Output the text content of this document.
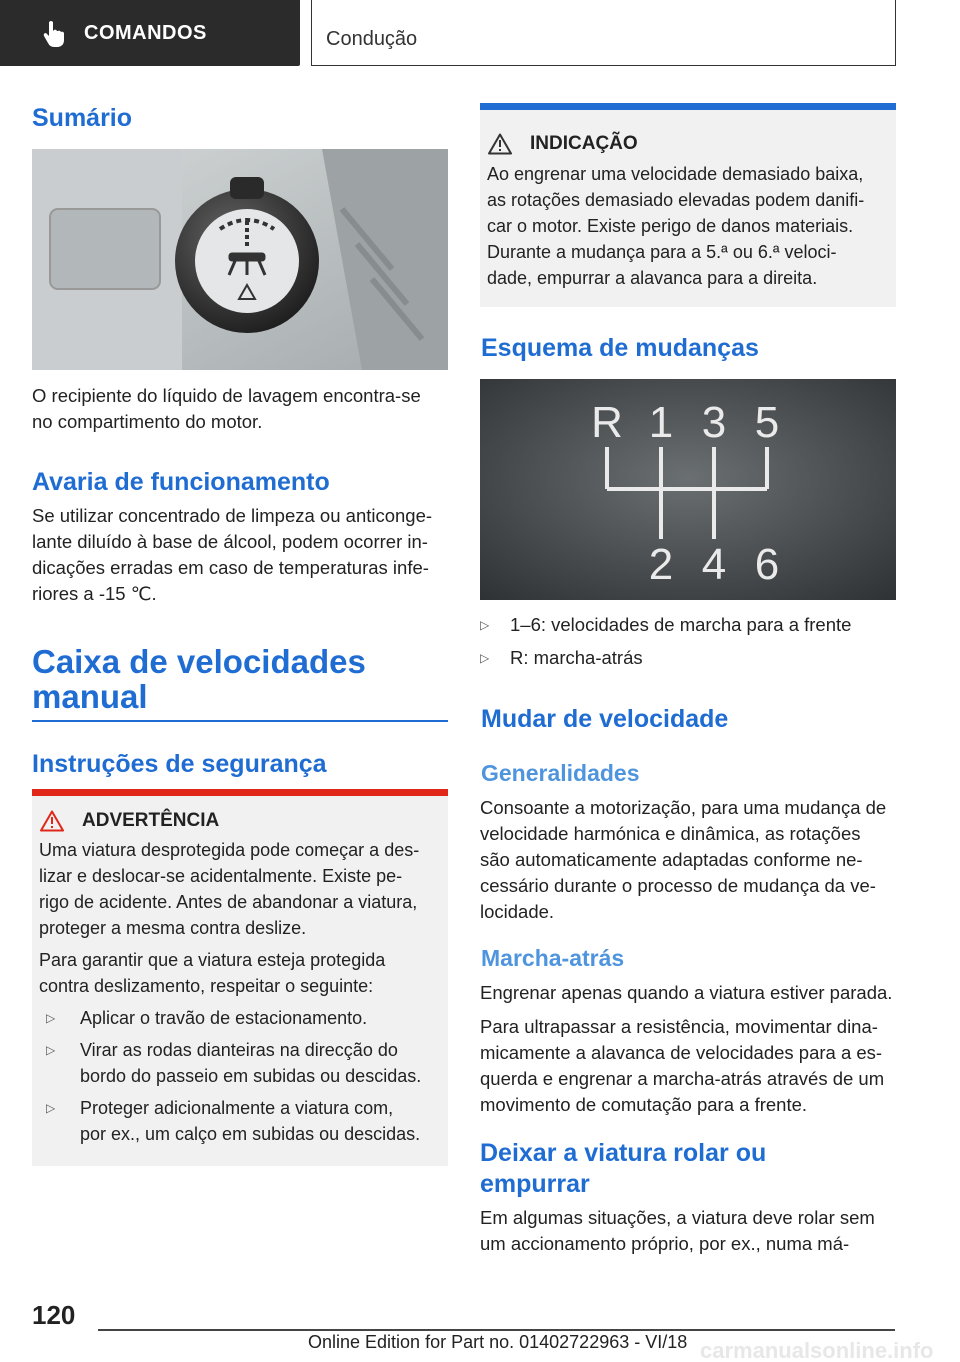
COMANDOS	Condução
Sumário

O recipiente do líquido de lavagem encontra-se

no compartimento do motor.

Avaria de funcionamento

Se utilizar concentrado de limpeza ou anticonge-

lante diluído à base de álcool, podem ocorrer in-

dicações erradas em caso de temperaturas infe-

riores a -15 ℃.

Caixa de velocidades
manual
Instruções de segurança
ADVERTÊNCIA

Uma viatura desprotegida pode começar a des-

lizar e deslocar-se acidentalmente. Existe pe-

rigo de acidente. Antes de abandonar a viatura,

proteger a mesma contra deslize.

Para garantir que a viatura esteja protegida

contra deslizamento, respeitar o seguinte:

▷	Aplicar o travão de estacionamento.
▷	Virar as rodas dianteiras na direcção do
bordo do passeio em subidas ou descidas.
▷	Proteger adicionalmente a viatura com,
por ex., um calço em subidas ou descidas.
INDICAÇÃO

Ao engrenar uma velocidade demasiado baixa,

as rotações demasiado elevadas podem danifi-

car o motor. Existe perigo de danos materiais.

Durante a mudança para a 5.ª ou 6.ª veloci-

dade, empurrar a alavanca para a direita.

Esquema de mudanças
R 1 3 5
2 4 6
▷	1–6: velocidades de marcha para a frente
▷	R: marcha-atrás
Mudar de velocidade
Generalidades

Consoante a motorização, para uma mudança de

velocidade harmónica e dinâmica, as rotações

são automaticamente adaptadas conforme ne-

cessário durante o processo de mudança da ve-

locidade.

Marcha-atrás

Engrenar apenas quando a viatura estiver parada.

Para ultrapassar a resistência, movimentar dina-

micamente a alavanca de velocidades para a es-

querda e engrenar a marcha-atrás através de um

movimento de comutação para a frente.

Deixar a viatura rolar ou
empurrar

Em algumas situações, a viatura deve rolar sem

um accionamento próprio, por ex., numa má-

120
Online Edition for Part no. 01402722963 - VI/18 carmanualsonline.info
